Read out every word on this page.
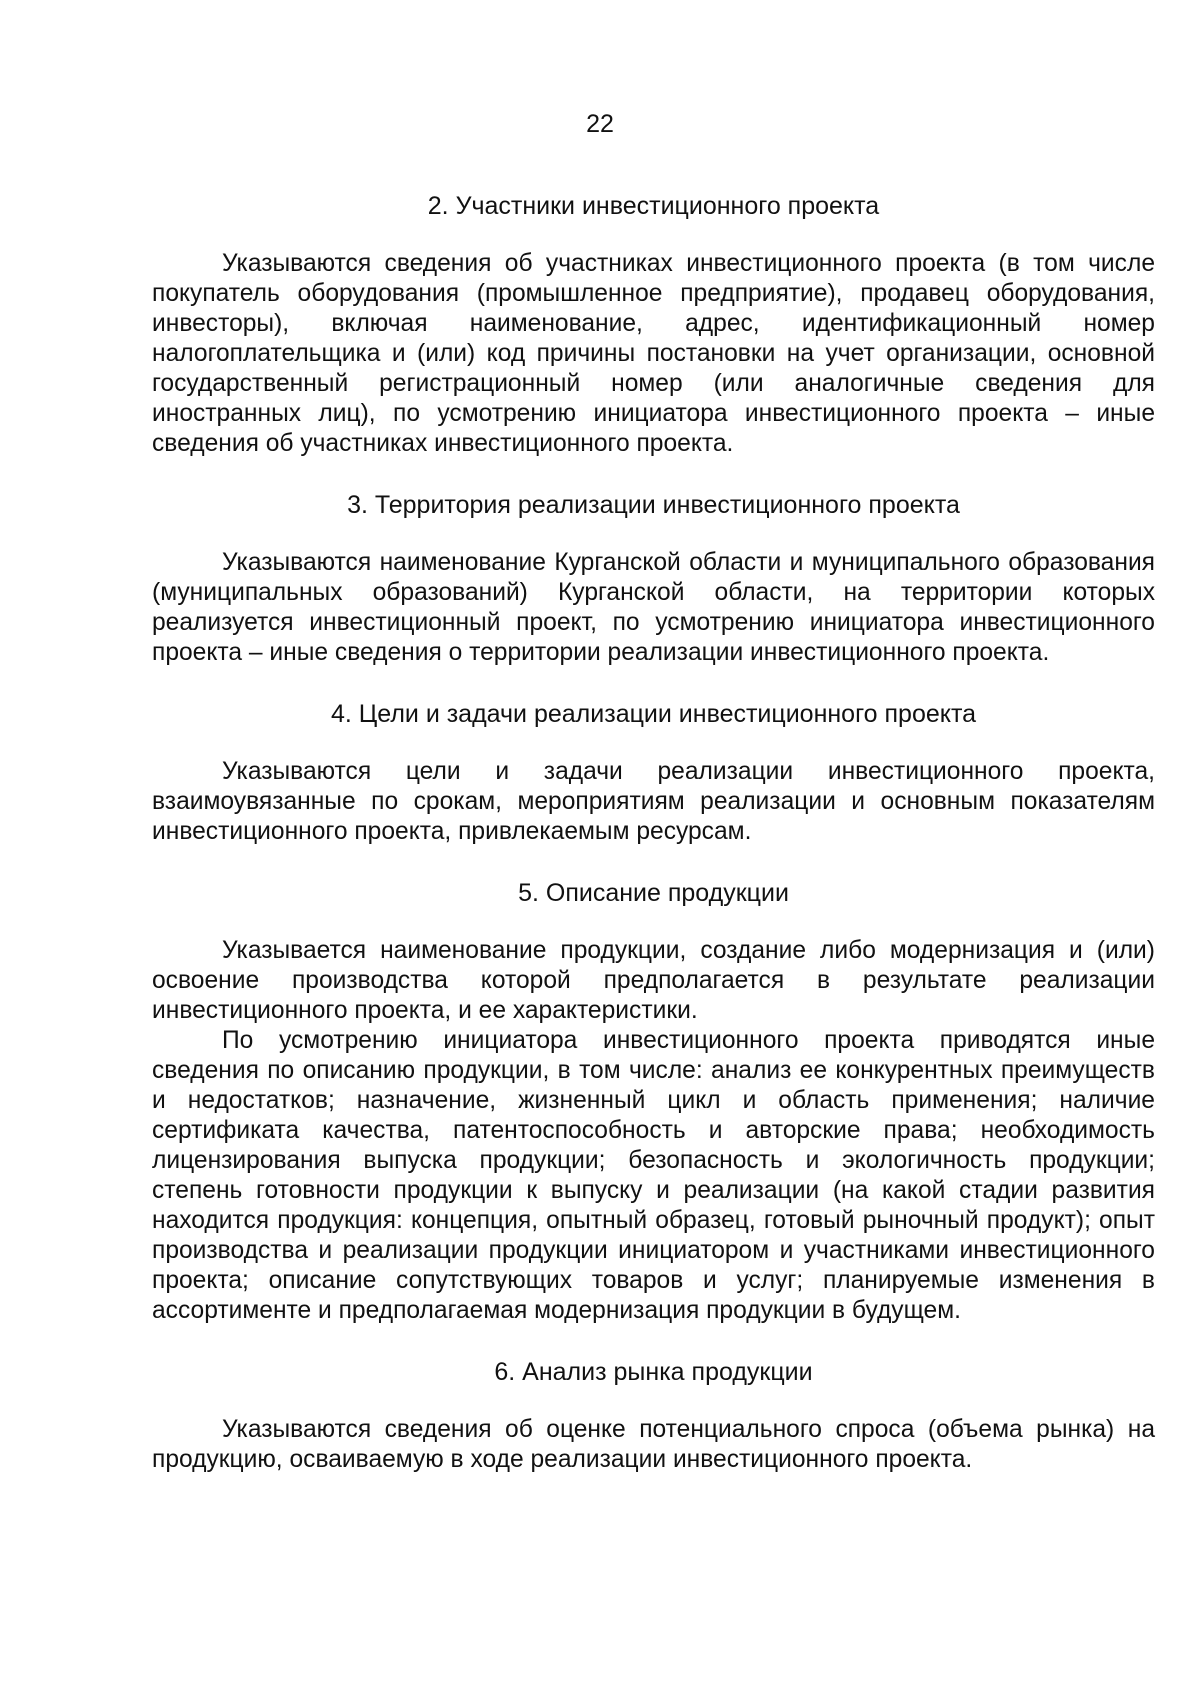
22
2. Участники инвестиционного проекта

Указываются сведения об участниках инвестиционного проекта (в том числе покупатель оборудования (промышленное предприятие), продавец оборудования, инвесторы), включая наименование, адрес, идентификационный номер налогоплательщика и (или) код причины постановки на учет организации, основной государственный регистрационный номер (или аналогичные сведения для иностранных лиц), по усмотрению инициатора инвестиционного проекта – иные сведения об участниках инвестиционного проекта.

3. Территория реализации инвестиционного проекта

Указываются наименование Курганской области и муниципального образования (муниципальных образований) Курганской области, на территории которых реализуется инвестиционный проект, по усмотрению инициатора инвестиционного проекта – иные сведения о территории реализации инвестиционного проекта.

4. Цели и задачи реализации инвестиционного проекта

Указываются цели и задачи реализации инвестиционного проекта, взаимоувязанные по срокам, мероприятиям реализации и основным показателям инвестиционного проекта, привлекаемым ресурсам.

5. Описание продукции

Указывается наименование продукции, создание либо модернизация и (или) освоение производства которой предполагается в результате реализации инвестиционного проекта, и ее характеристики.

По усмотрению инициатора инвестиционного проекта приводятся иные сведения по описанию продукции, в том числе: анализ ее конкурентных преимуществ и недостатков; назначение, жизненный цикл и область применения; наличие сертификата качества, патентоспособность и авторские права; необходимость лицензирования выпуска продукции; безопасность и экологичность продукции; степень готовности продукции к выпуску и реализации (на какой стадии развития находится продукция: концепция, опытный образец, готовый рыночный продукт); опыт производства и реализации продукции инициатором и участниками инвестиционного проекта; описание сопутствующих товаров и услуг; планируемые изменения в ассортименте и предполагаемая модернизация продукции в будущем.

6. Анализ рынка продукции

Указываются сведения об оценке потенциального спроса (объема рынка) на продукцию, осваиваемую в ходе реализации инвестиционного проекта.
